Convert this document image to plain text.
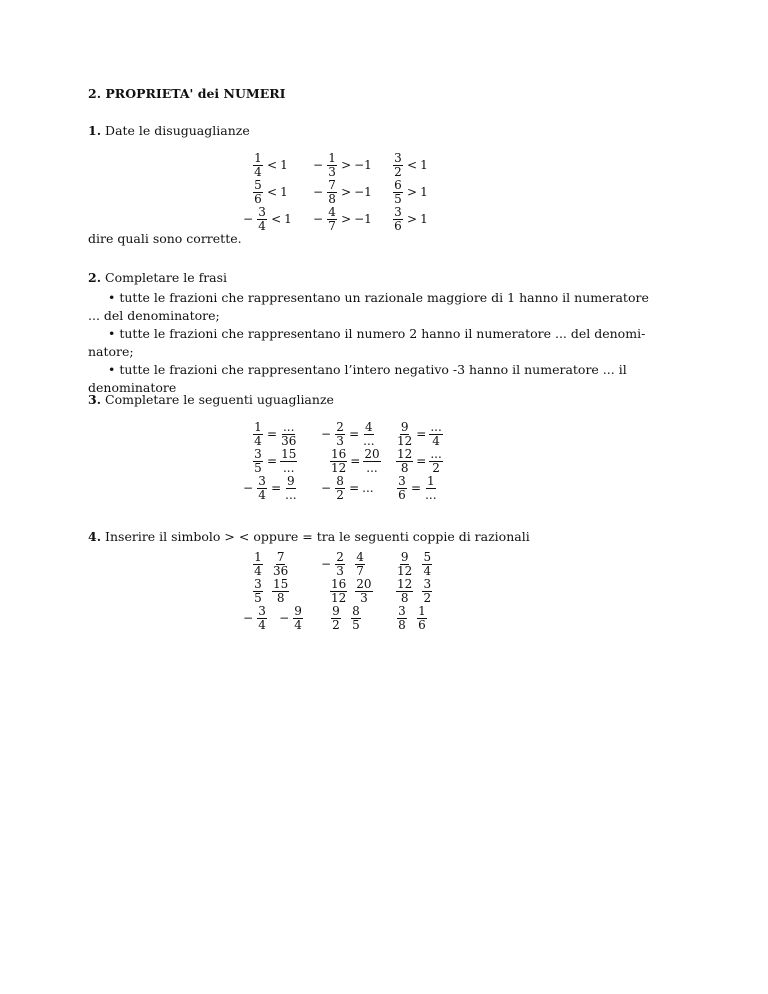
2. PROPRIETA' dei NUMERI
1. Date le disuguaglianze
$\frac{1}{4} < 1$
$\frac{5}{6} < 1$
− $\frac{3}{4} < 1$
− $\frac{1}{3} > -1$
− $\frac{7}{8} > -1$
− $\frac{4}{7} > -1$
$\frac{3}{2} < 1$
$\frac{6}{5} > 1$
$\frac{3}{6} > 1$
dire quali sono corrette.
2. Completare le frasi
• tutte le frazioni che rappresentano un razionale maggiore di 1 hanno il numeratore
... del denominatore;
• tutte le frazioni che rappresentano il numero 2 hanno il numeratore ... del denomi-
natore;
• tutte le frazioni che rappresentano l’intero negativo -3 hanno il numeratore ... il
denominatore
3. Completare le seguenti uguaglianze
$\frac{1}{4} = \frac{...}{36}$
$\frac{3}{5} = \frac{15}{...}$
− $\frac{3}{4} = \frac{9}{...}$
− $\frac{2}{3} = \frac{4}{...}$
$\frac{16}{12} = \frac{20}{...}$
− $\frac{8}{2}$ = ...
$\frac{9}{12} = \frac{...}{4}$
$\frac{12}{8} = \frac{...}{2}$
$\frac{3}{6} = \frac{1}{...}$
4. Inserire il simbolo > < oppure = tra le seguenti coppie di razionali
$\frac{1}{4} \frac{7}{36}$
$\frac{3}{5} \frac{15}{8}$
− $\frac{3}{4} - \frac{9}{4}$
− $\frac{2}{3} \frac{4}{7}$
$\frac{16}{12} \frac{20}{3}$
$\frac{9}{2} \frac{8}{5}$
$\frac{9}{12} \frac{5}{4}$
$\frac{12}{8} \frac{3}{2}$
$\frac{3}{8} \frac{1}{6}$
